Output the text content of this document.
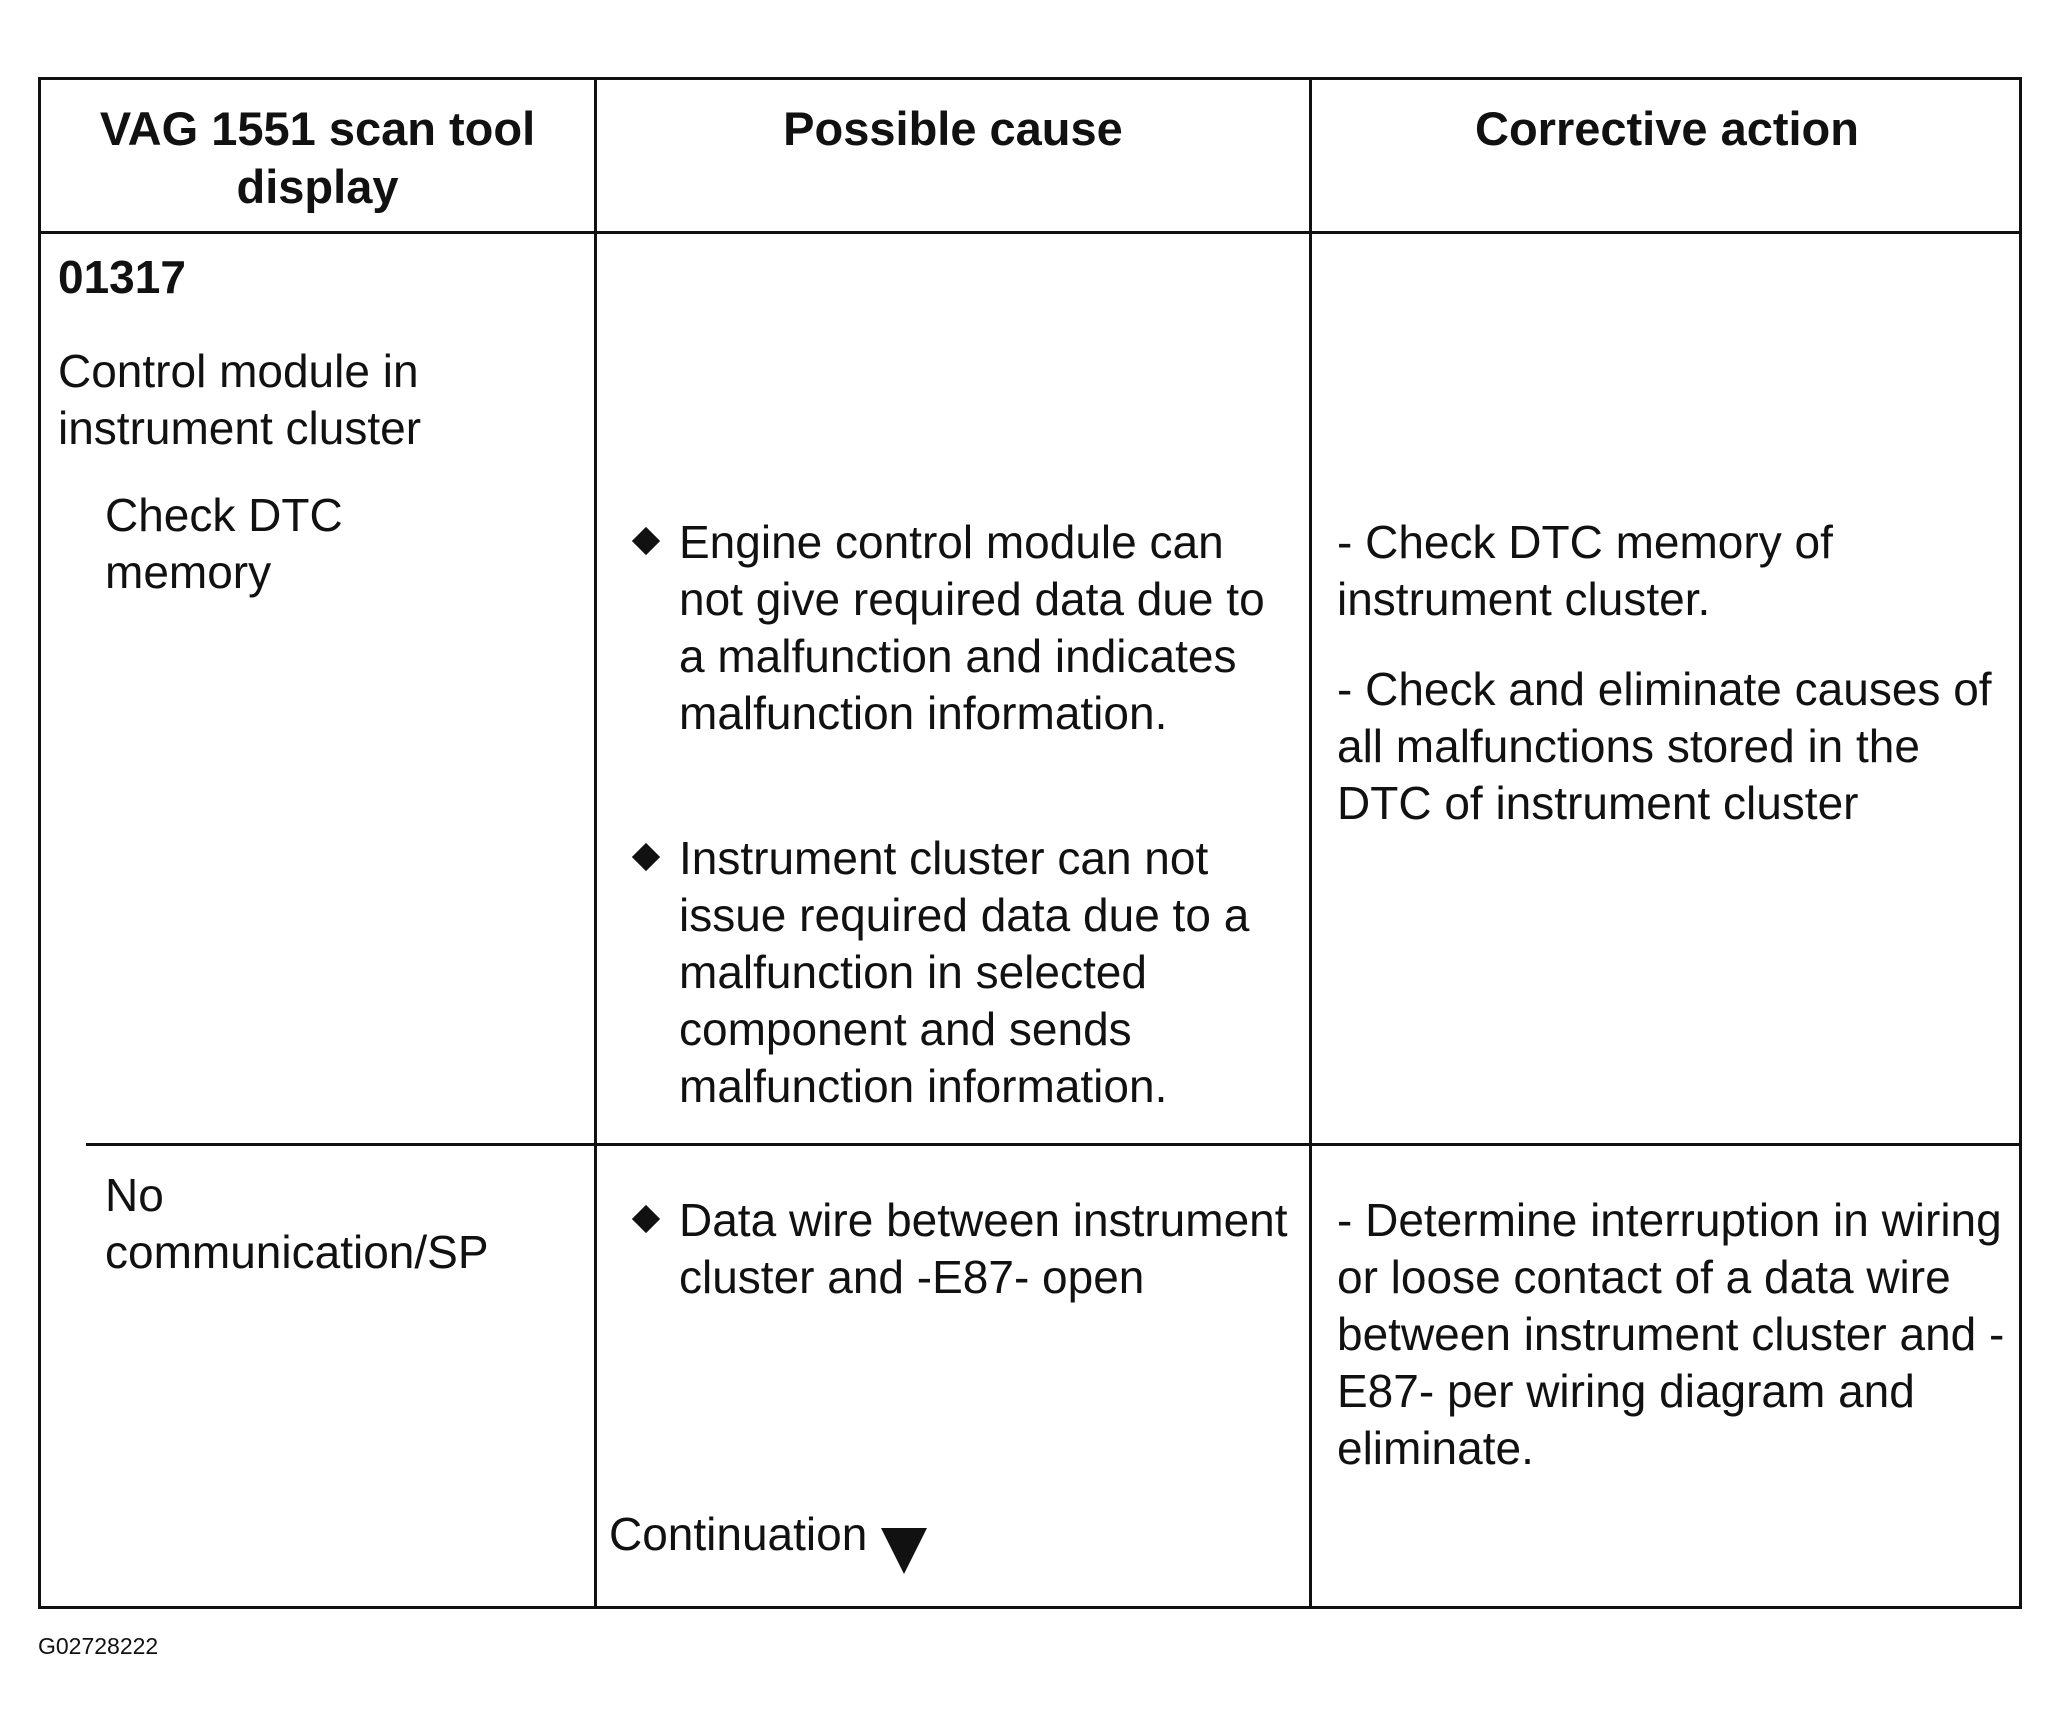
VAG 1551 scan tool display
Possible cause	Corrective action
01317
Control module in instrument cluster
Check DTC memory
Engine control module can not give required data due to a malfunction and indicates malfunction information.
Instrument cluster can not issue required data due to a malfunction in selected component and sends malfunction information.
- Check DTC memory of instrument cluster.
- Check and eliminate causes of all malfunctions stored in the DTC of instrument cluster
No communication/SP
Data wire between instrument cluster and -E87- open
- Determine interruption in wiring or loose contact of a data wire between instrument cluster and -E87- per wiring diagram and eliminate.
Continuation
G02728222
